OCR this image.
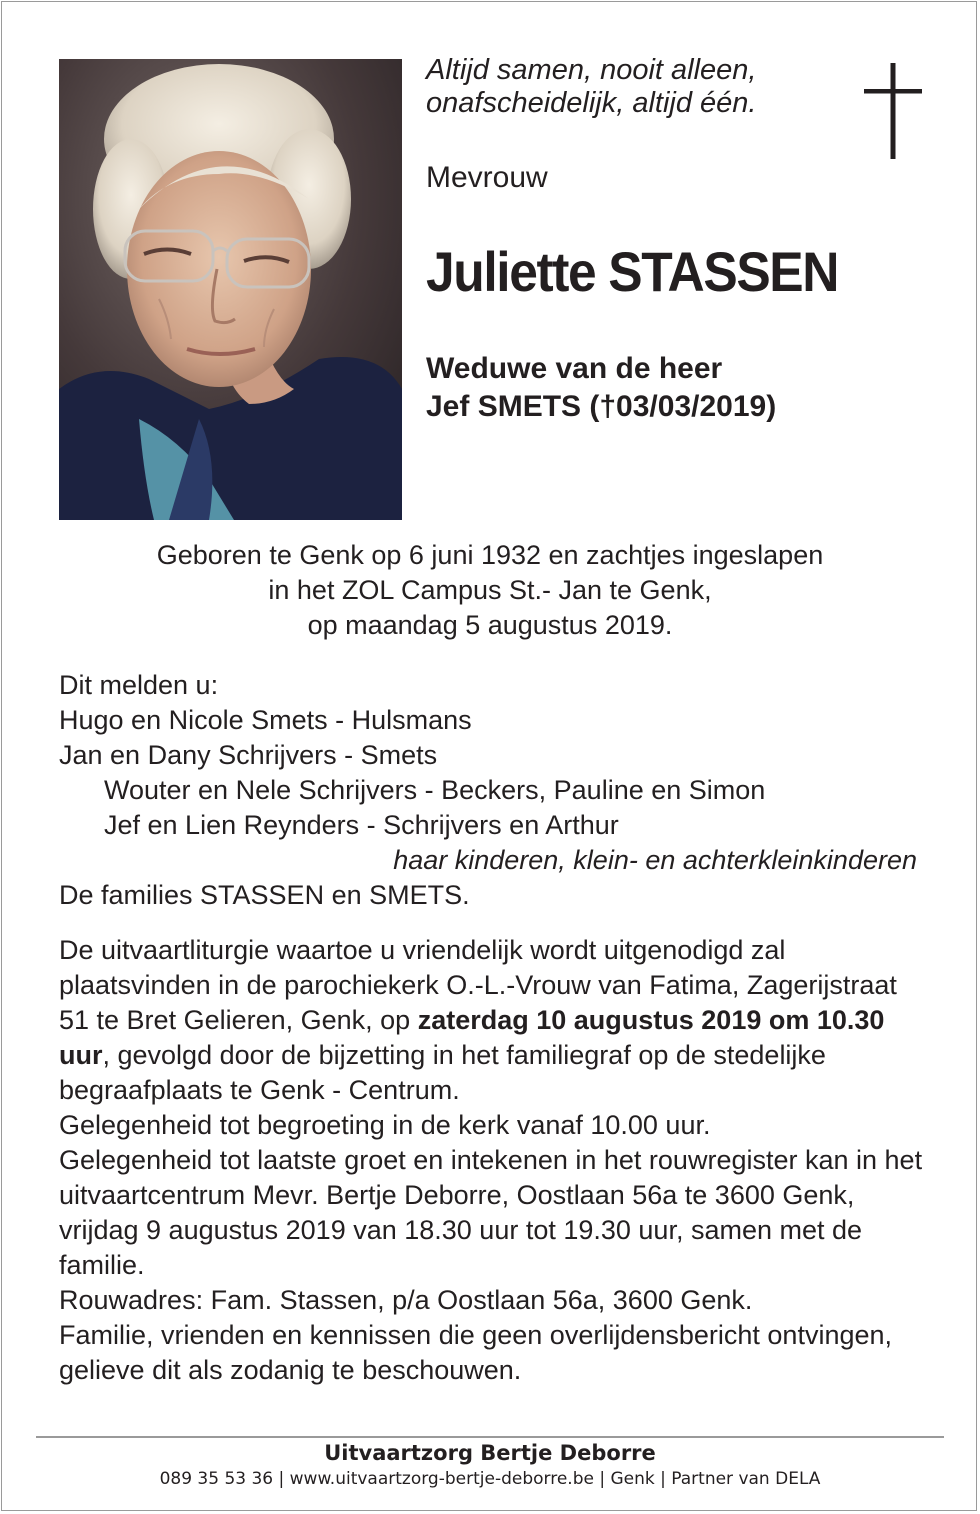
Altijd samen, nooit alleen,
onafscheidelijk, altijd één.
Mevrouw
Juliette STASSEN
Weduwe van de heer
Jef SMETS (†03/03/2019)
Geboren te Genk op 6 juni 1932 en zachtjes ingeslapen
in het ZOL Campus St.- Jan te Genk,
op maandag 5 augustus 2019.
Dit melden u:
Hugo en Nicole Smets - Hulsmans
Jan en Dany Schrijvers - Smets
Wouter en Nele Schrijvers - Beckers, Pauline en Simon
Jef en Lien Reynders - Schrijvers en Arthur
haar kinderen, klein- en achterkleinkinderen
De families STASSEN en SMETS.

De uitvaartliturgie waartoe u vriendelijk wordt uitgenodigd zal plaatsvinden in de parochiekerk O.-L.-Vrouw van Fatima, Zagerijstraat 51 te Bret Gelieren, Genk, op zaterdag 10 augustus 2019 om 10.30 uur, gevolgd door de bijzetting in het familiegraf op de stedelijke begraafplaats te Genk - Centrum.

Gelegenheid tot begroeting in de kerk vanaf 10.00 uur.

Gelegenheid tot laatste groet en intekenen in het rouwregister kan in het uitvaartcentrum Mevr. Bertje Deborre, Oostlaan 56a te 3600 Genk, vrijdag 9 augustus 2019 van 18.30 uur tot 19.30 uur, samen met de familie.

Rouwadres: Fam. Stassen, p/a Oostlaan 56a, 3600 Genk.

Familie, vrienden en kennissen die geen overlijdensbericht ontvingen, gelieve dit als zodanig te beschouwen.

Uitvaartzorg Bertje Deborre
089 35 53 36 | www.uitvaartzorg-bertje-deborre.be | Genk | Partner van DELA
